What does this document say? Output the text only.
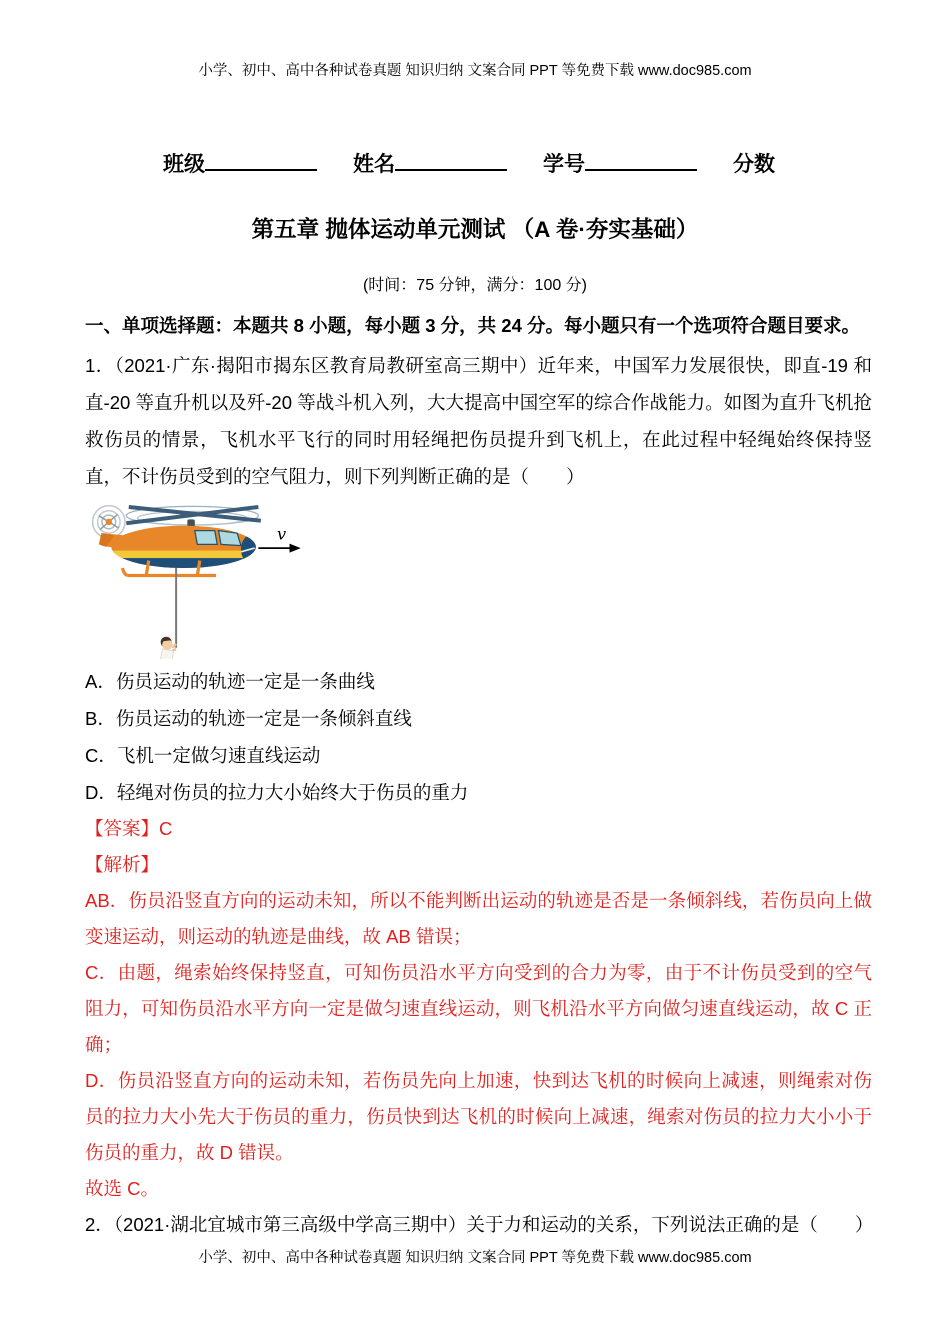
小学、初中、高中各种试卷真题 知识归纳 文案合同 PPT 等免费下载 www.doc985.com
班级	姓名	学号	分数
第五章 抛体运动单元测试 （A 卷·夯实基础）
(时间：75 分钟，满分：100 分)
一、单项选择题：本题共 8 小题，每小题 3 分，共 24 分。每小题只有一个选项符合题目要求。

1．（2021·广东·揭阳市揭东区教育局教研室高三期中）近年来，中国军力发展很快，即直-19 和直-20 等直升机以及歼-20 等战斗机入列，大大提高中国空军的综合作战能力。如图为直升飞机抢救伤员的情景，飞机水平飞行的同时用轻绳把伤员提升到飞机上，在此过程中轻绳始终保持竖直，不计伤员受到的空气阻力，则下列判断正确的是（　　）

v
A．伤员运动的轨迹一定是一条曲线
B．伤员运动的轨迹一定是一条倾斜直线
C．飞机一定做匀速直线运动
D．轻绳对伤员的拉力大小始终大于伤员的重力
【答案】C
【解析】

AB．伤员沿竖直方向的运动未知，所以不能判断出运动的轨迹是否是一条倾斜线，若伤员向上做变速运动，则运动的轨迹是曲线，故 AB 错误；

C．由题，绳索始终保持竖直，可知伤员沿水平方向受到的合力为零，由于不计伤员受到的空气阻力，可知伤员沿水平方向一定是做匀速直线运动，则飞机沿水平方向做匀速直线运动，故 C 正确；

D．伤员沿竖直方向的运动未知，若伤员先向上加速，快到达飞机的时候向上减速，则绳索对伤员的拉力大小先大于伤员的重力，伤员快到达飞机的时候向上减速，绳索对伤员的拉力大小小于伤员的重力，故 D 错误。

故选 C。

2．（2021·湖北宜城市第三高级中学高三期中）关于力和运动的关系，下列说法正确的是（　　）

小学、初中、高中各种试卷真题 知识归纳 文案合同 PPT 等免费下载 www.doc985.com
